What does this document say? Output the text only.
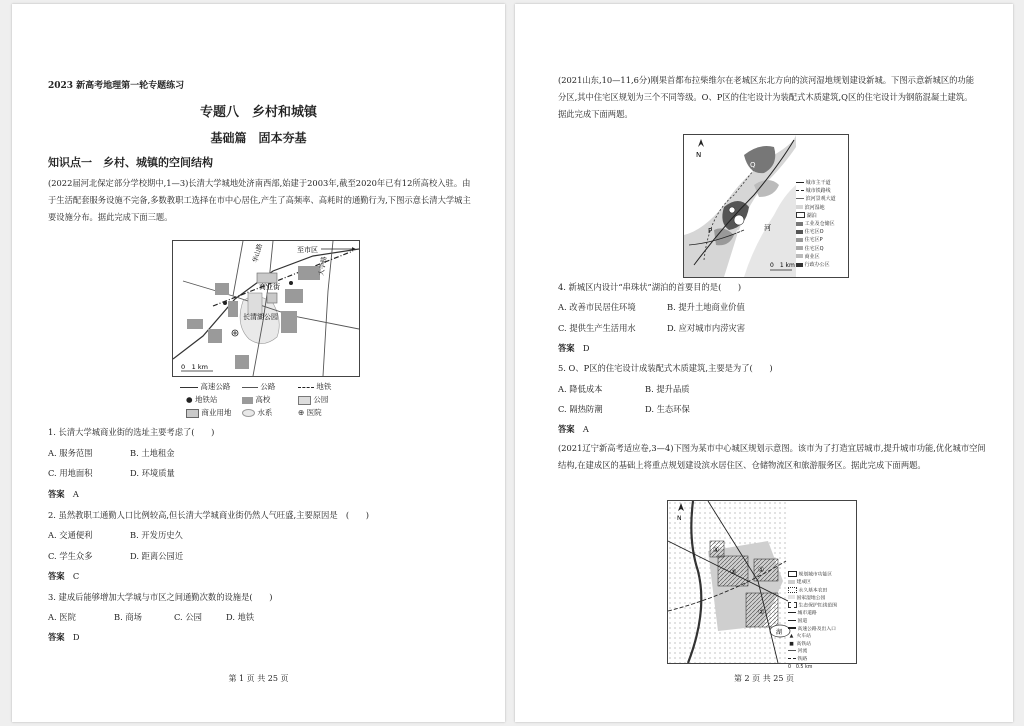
2023 新高考地理第一轮专题练习
专题八　乡村和城镇
基础篇　固本夯基
知识点一　乡村、城镇的空间结构
(2022届河北保定部分学校期中,1—3)长清大学城地处济南西部,始建于2003年,截至2020年已有12所高校入驻。由于生活配套服务设施不完备,多数教职工选择在市中心居住,产生了高频率、高耗时的通勤行为,下图示意长清大学城主要设施分布。据此完成下面三题。
至市区
华山路
大学路
商业街
长清湖公园
0　1 km
高速公路	公路	地铁
● 地铁站	高校	公园
商业用地	水系	⊕ 医院
1. 长清大学城商业街的选址主要考虑了(　　)
A. 服务范围	B. 土地租金
C. 用地面积	D. 环境质量
答案　 A
2. 虽然教职工通勤人口比例较高,但长清大学城商业街仍然人气旺盛,主要原因是　(　　)
A. 交通便利	B. 开发历史久
C. 学生众多	D. 距离公园近
答案　 C
3. 建成后能够增加大学城与市区之间通勤次数的设施是(　　)
A. 医院	B. 商场	C. 公园	D. 地铁
答案　 D
第 1 页 共 25 页
(2021山东,10—11,6分)刚果首都布拉柴维尔在老城区东北方向的滨河湿地规划建设新城。下图示意新城区的功能分区,其中住宅区规划为三个不同等级。O、P区的住宅设计为装配式木质建筑,Q区的住宅设计为钢筋混凝土建筑。据此完成下面两题。
N
P	O
Q
河
0　1 km
城市主干道
城市铁路线
滨河景观大道
滨河湿地
湖泊
工业及仓储区
住宅区O
住宅区P
住宅区Q
商业区
行政办公区
4. 新城区内设计“串珠状”湖泊的首要目的是(　　)
A. 改善市民居住环境	B. 提升土地商业价值
C. 提供生产生活用水	D. 应对城市内涝灾害
答案　 D
5. O、P区的住宅设计成装配式木质建筑,主要是为了(　　)
A. 降低成本	B. 提升品质
C. 隔热防潮	D. 生态环保
答案　 A
(2021辽宁新高考适应卷,3—4)下图为某市中心城区规划示意图。该市为了打造宜居城市,提升城市功能,优化城市空间结构,在建成区的基础上将重点规划建设滨水居住区、仓储物流区和旅游服务区。据此完成下面两题。
N
①
②
③
④
湖
规划城市功能区
建成区
永久基本农田
国家湿地公园
生态保护红线范围
城市道路
国道
高速公路及出入口
▲ 火车站
■ 高铁站
河流
铁路
0　0.5 km
第 2 页 共 25 页
